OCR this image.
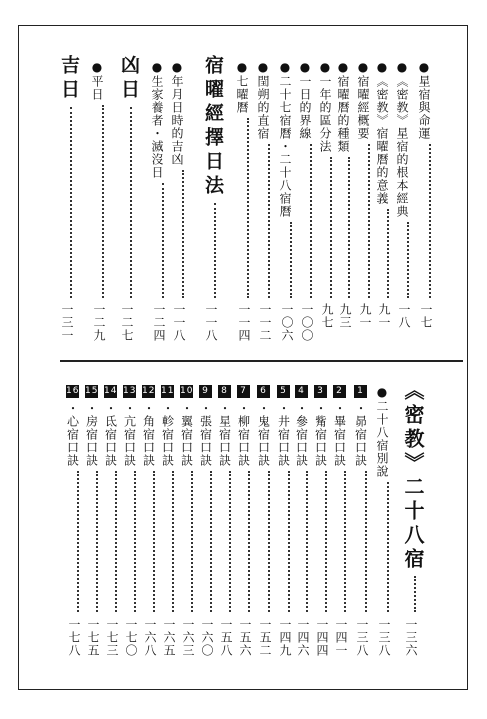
●星宿與命運
一七
●《密教》星宿的根本經典
一八
●《密教》宿曜曆的意義
九一
●宿曜經概要
九一
●宿曜曆的種類
九三
●一年的區分法
九七
●一日的界線
一〇〇
●二十七宿曆・二十八宿曆
一〇六
●閏朔的直宿
一一二
●七曜曆
一一四
宿曜經擇日法
一一八
●年月日時的吉凶
一一八
●生家養者・滅沒日
一二四
凶日
一二七
●平日
一二九
吉日
一三一
《密教》二十八宿
一三六
●二十八宿別說
一三八
1・昴宿口訣
一三八
2・畢宿口訣
一四一
3・觜宿口訣
一四四
4・參宿口訣
一四六
5・井宿口訣
一四九
6・鬼宿口訣
一五二
7・柳宿口訣
一五六
8・星宿口訣
一五八
9・張宿口訣
一六〇
10・翼宿口訣
一六三
11・軫宿口訣
一六五
12・角宿口訣
一六八
13・亢宿口訣
一七〇
14・氐宿口訣
一七三
15・房宿口訣
一七五
16・心宿口訣
一七八
